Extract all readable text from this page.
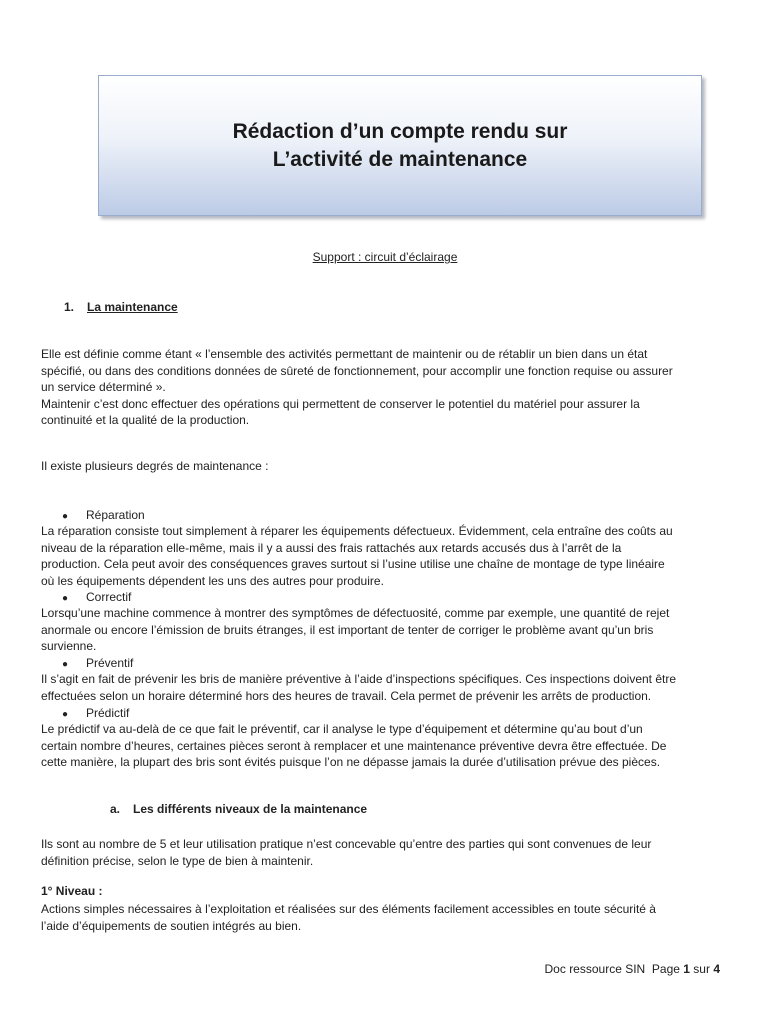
Rédaction d’un compte rendu sur
L’activité de maintenance
Support : circuit d’éclairage
1. La maintenance

Elle est définie comme étant « l’ensemble des activités permettant de maintenir ou de rétablir un bien dans un état

spécifié, ou dans des conditions données de sûreté de fonctionnement, pour accomplir une fonction requise ou assurer

un service déterminé ».

Maintenir c’est donc effectuer des opérations qui permettent de conserver le potentiel du matériel pour assurer la

continuité et la qualité de la production.

Il existe plusieurs degrés de maintenance :
● Réparation

La réparation consiste tout simplement à réparer les équipements défectueux. Évidemment, cela entraîne des coûts au

niveau de la réparation elle-même, mais il y a aussi des frais rattachés aux retards accusés dus à l’arrêt de la

production. Cela peut avoir des conséquences graves surtout si l’usine utilise une chaîne de montage de type linéaire

où les équipements dépendent les uns des autres pour produire.

● Correctif

Lorsqu’une machine commence à montrer des symptômes de défectuosité, comme par exemple, une quantité de rejet

anormale ou encore l’émission de bruits étranges, il est important de tenter de corriger le problème avant qu’un bris

survienne.

● Préventif

Il s’agit en fait de prévenir les bris de manière préventive à l’aide d’inspections spécifiques. Ces inspections doivent être

effectuées selon un horaire déterminé hors des heures de travail. Cela permet de prévenir les arrêts de production.

● Prédictif

Le prédictif va au-delà de ce que fait le préventif, car il analyse le type d’équipement et détermine qu’au bout d’un

certain nombre d’heures, certaines pièces seront à remplacer et une maintenance préventive devra être effectuée. De

cette manière, la plupart des bris sont évités puisque l’on ne dépasse jamais la durée d’utilisation prévue des pièces.

a. Les différents niveaux de la maintenance

Ils sont au nombre de 5 et leur utilisation pratique n’est concevable qu’entre des parties qui sont convenues de leur

définition précise, selon le type de bien à maintenir.

1° Niveau :

Actions simples nécessaires à l’exploitation et réalisées sur des éléments facilement accessibles en toute sécurité à

l’aide d’équipements de soutien intégrés au bien.

Doc ressource SIN Page 1 sur 4
